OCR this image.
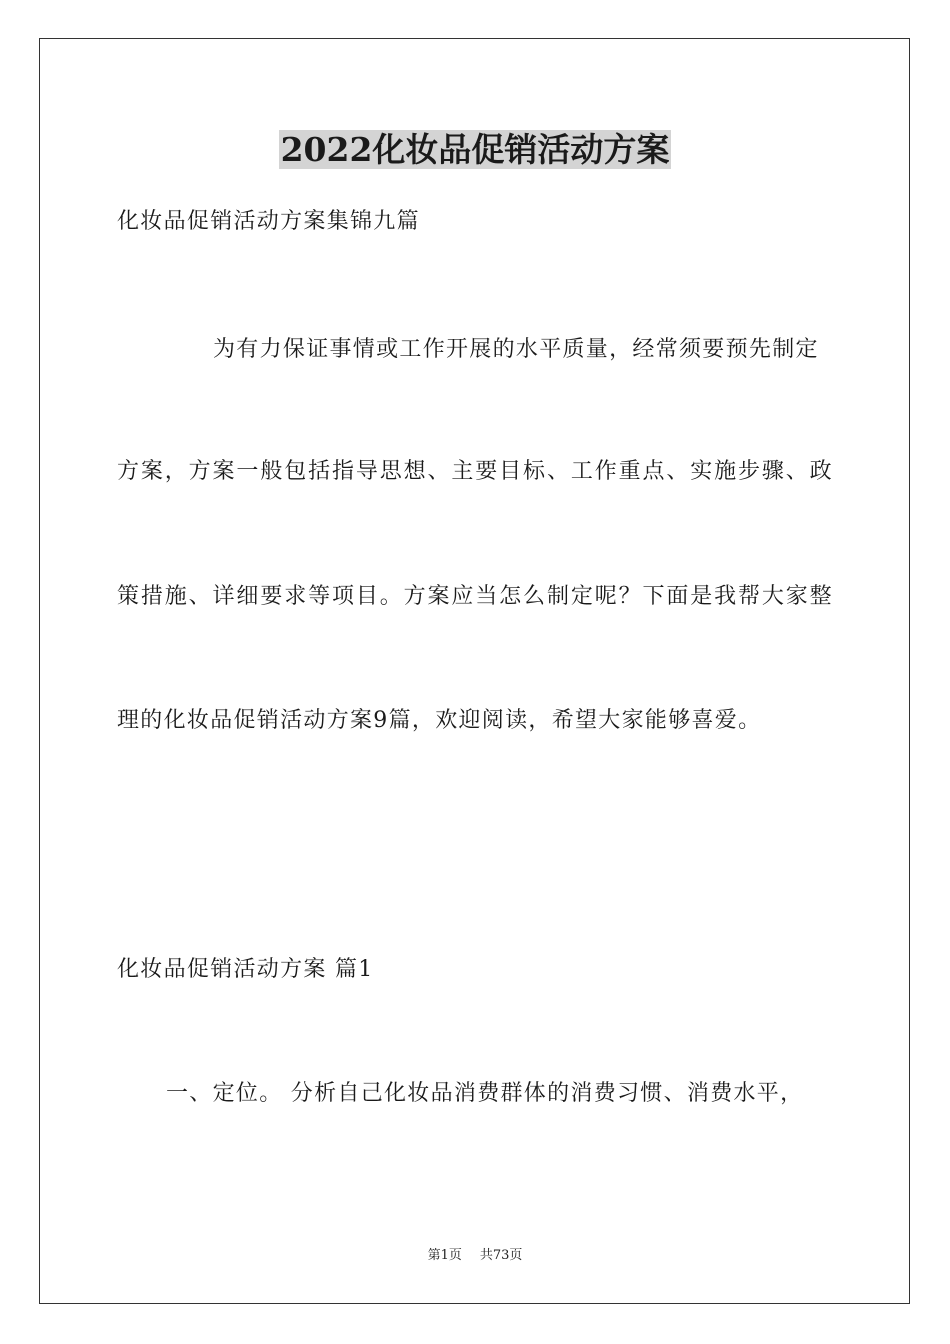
2022化妆品促销活动方案
化妆品促销活动方案集锦九篇
为有力保证事情或工作开展的水平质量，经常须要预先制定
方案，方案一般包括指导思想、主要目标、工作重点、实施步骤、政
策措施、详细要求等项目。方案应当怎么制定呢？下面是我帮大家整
理的化妆品促销活动方案9篇，欢迎阅读，希望大家能够喜爱。
化妆品促销活动方案 篇1
一、定位。 分析自己化妆品消费群体的消费习惯、消费水平，
第1页 共73页
